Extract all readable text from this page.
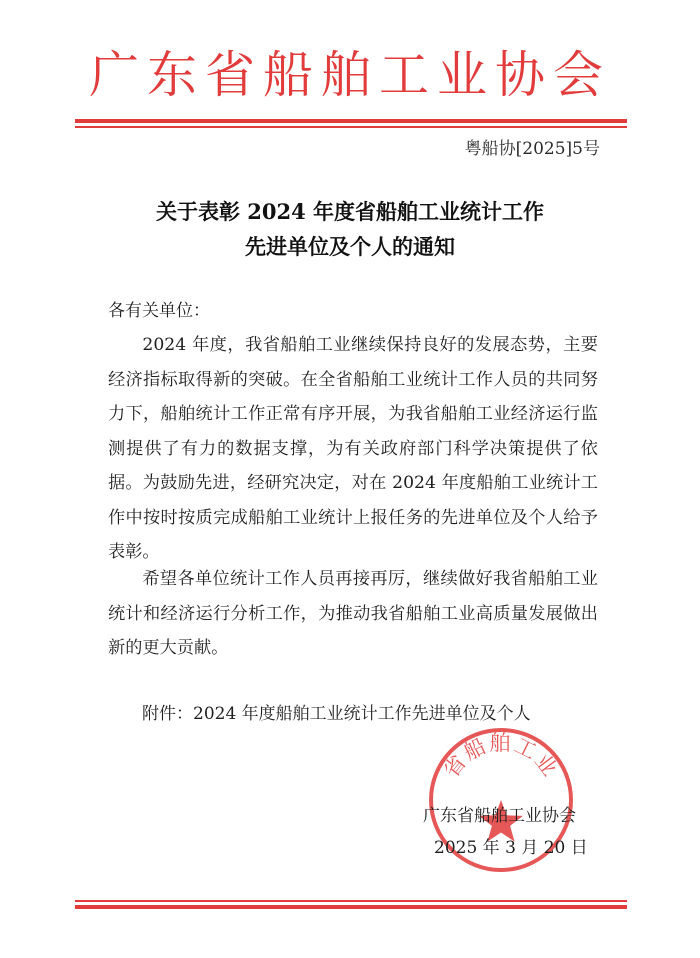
广东省船舶工业协会
粤船协[2025]5号
关于表彰 2024 年度省船舶工业统计工作
先进单位及个人的通知
各有关单位：

2024 年度，我省船舶工业继续保持良好的发展态势，主要经济指标取得新的突破。在全省船舶工业统计工作人员的共同努力下，船舶统计工作正常有序开展，为我省船舶工业经济运行监测提供了有力的数据支撑，为有关政府部门科学决策提供了依据。为鼓励先进，经研究决定，对在 2024 年度船舶工业统计工作中按时按质完成船舶工业统计上报任务的先进单位及个人给予表彰。

希望各单位统计工作人员再接再厉，继续做好我省船舶工业统计和经济运行分析工作，为推动我省船舶工业高质量发展做出新的更大贡献。

附件：2024 年度船舶工业统计工作先进单位及个人
省船舶工业
广东省船舶工业协会
2025 年 3 月 20 日
